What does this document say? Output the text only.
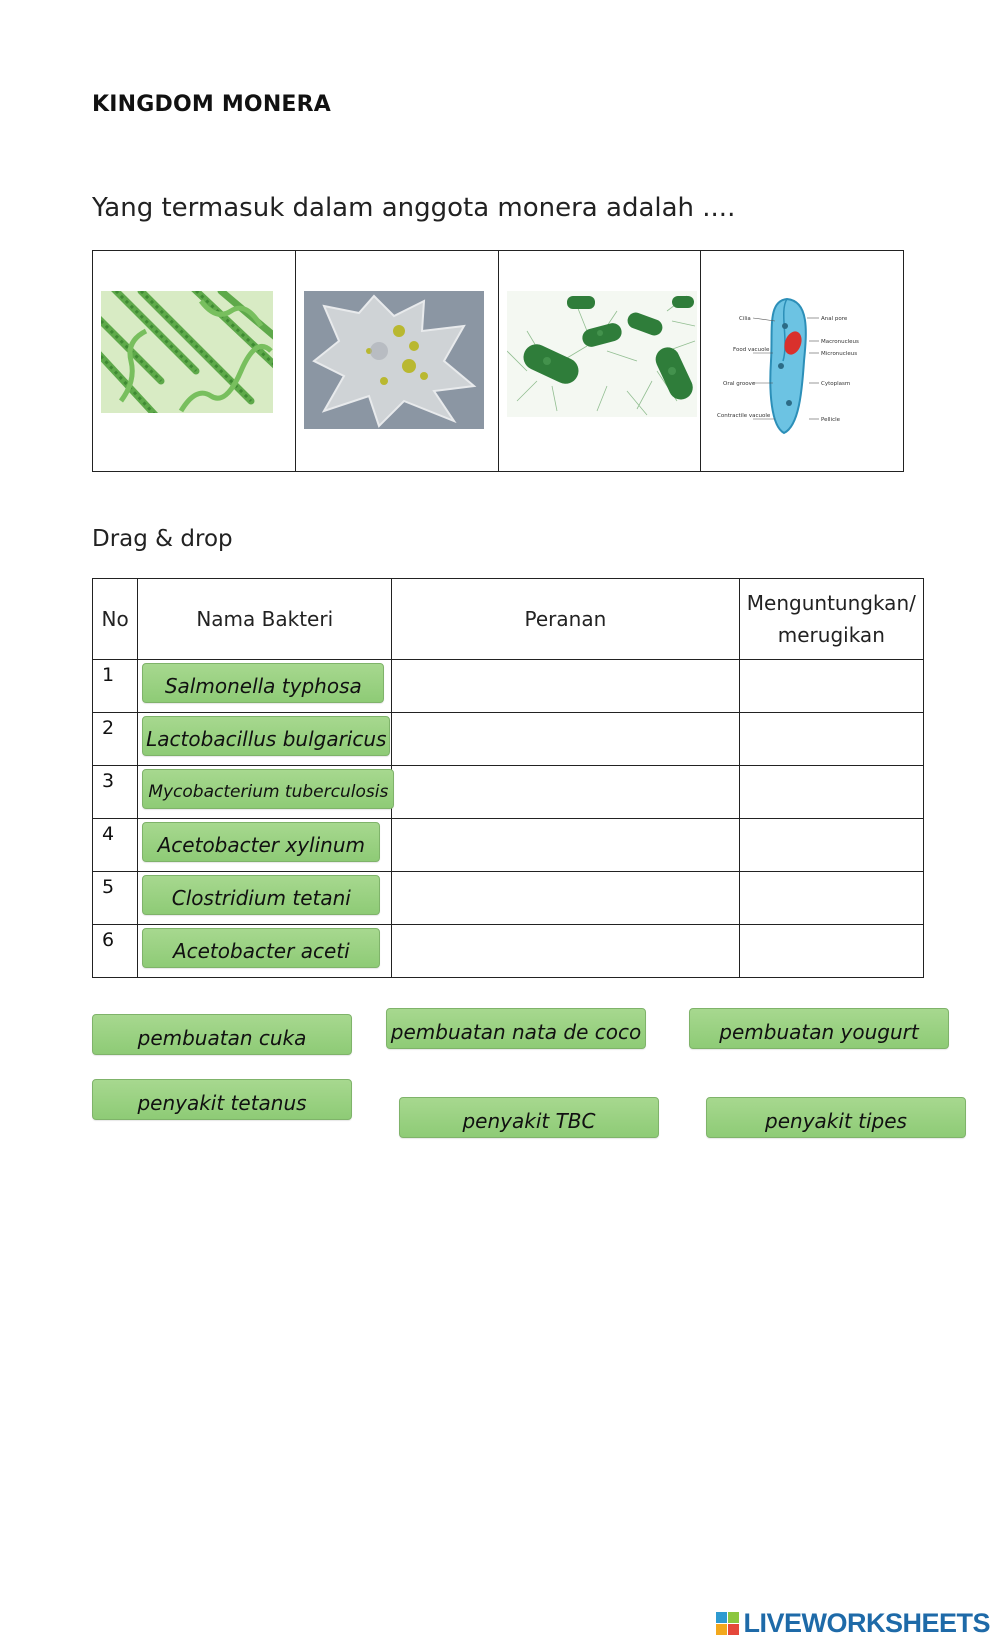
KINGDOM MONERA
Yang termasuk dalam anggota monera adalah ....

Cilia	Anal pore
Food vacuole
Macronucleus
Micronucleus
Oral groove	Cytoplasm
Contractile vacuole
Pellicle
Drag & drop
No	Nama Bakteri	Peranan	Menguntungkan/ merugikan
1	Salmonella typhosa		

2	Lactobacillus bulgaricus		

3	Mycobacterium tuberculosis		

4	Acetobacter xylinum		

5	Clostridium tetani		

6	Acetobacter aceti		

pembuatan cuka	pembuatan nata de coco	pembuatan yougurt
penyakit tetanus
penyakit TBC	penyakit tipes
LIVEWORKSHEETS
